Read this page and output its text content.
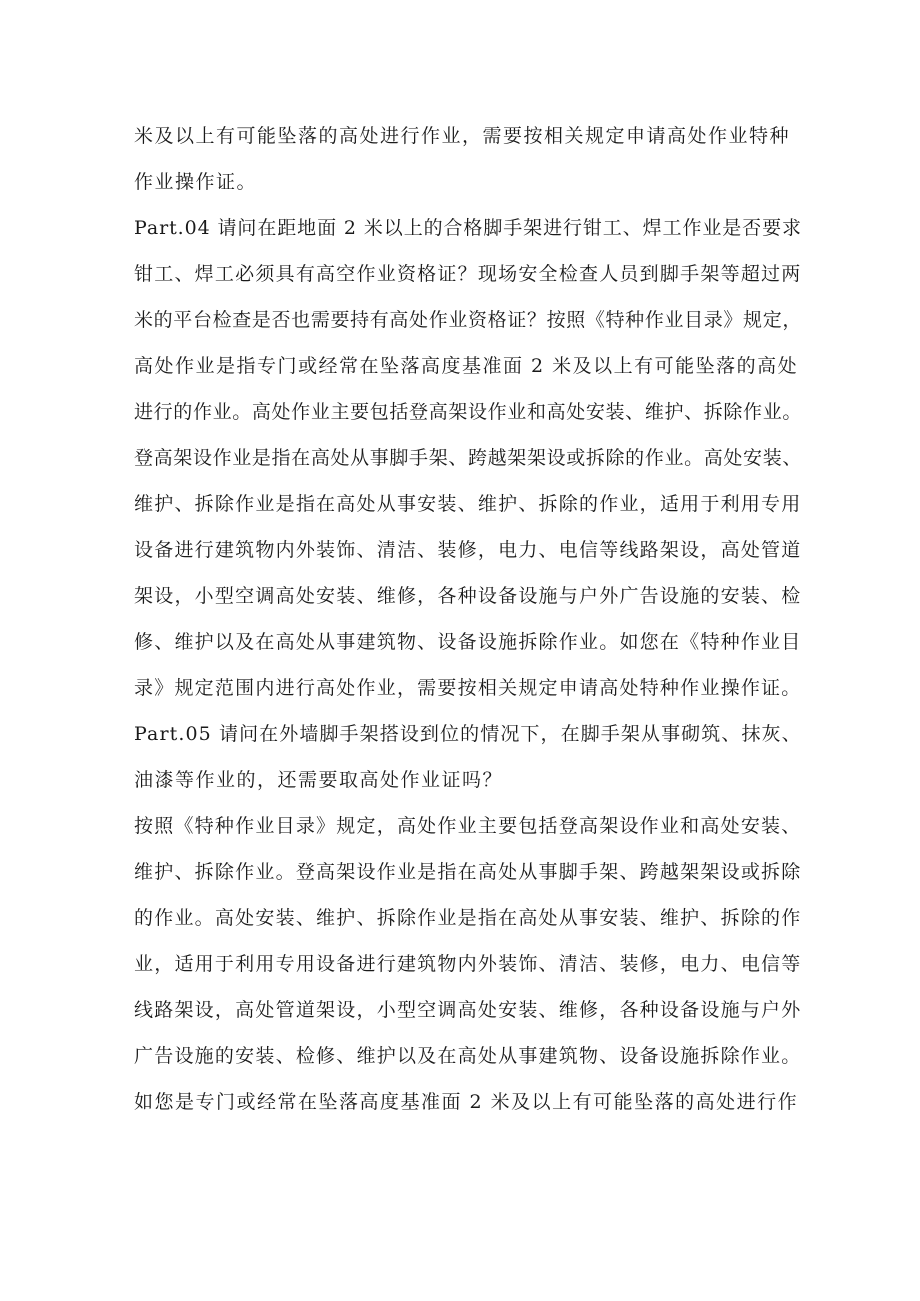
米及以上有可能坠落的高处进行作业，需要按相关规定申请高处作业特种
作业操作证。
Part.04 请问在距地面 2 米以上的合格脚手架进行钳工、焊工作业是否要求
钳工、焊工必须具有高空作业资格证？现场安全检查人员到脚手架等超过两
米的平台检查是否也需要持有高处作业资格证？按照《特种作业目录》规定，
高处作业是指专门或经常在坠落高度基准面 2 米及以上有可能坠落的高处
进行的作业。高处作业主要包括登高架设作业和高处安装、维护、拆除作业。
登高架设作业是指在高处从事脚手架、跨越架架设或拆除的作业。高处安装、
维护、拆除作业是指在高处从事安装、维护、拆除的作业，适用于利用专用
设备进行建筑物内外装饰、清洁、装修，电力、电信等线路架设，高处管道
架设，小型空调高处安装、维修，各种设备设施与户外广告设施的安装、检
修、维护以及在高处从事建筑物、设备设施拆除作业。如您在《特种作业目
录》规定范围内进行高处作业，需要按相关规定申请高处特种作业操作证。
Part.05 请问在外墙脚手架搭设到位的情况下，在脚手架从事砌筑、抹灰、
油漆等作业的，还需要取高处作业证吗？
按照《特种作业目录》规定，高处作业主要包括登高架设作业和高处安装、
维护、拆除作业。登高架设作业是指在高处从事脚手架、跨越架架设或拆除
的作业。高处安装、维护、拆除作业是指在高处从事安装、维护、拆除的作
业，适用于利用专用设备进行建筑物内外装饰、清洁、装修，电力、电信等
线路架设，高处管道架设，小型空调高处安装、维修，各种设备设施与户外
广告设施的安装、检修、维护以及在高处从事建筑物、设备设施拆除作业。
如您是专门或经常在坠落高度基准面 2 米及以上有可能坠落的高处进行作
